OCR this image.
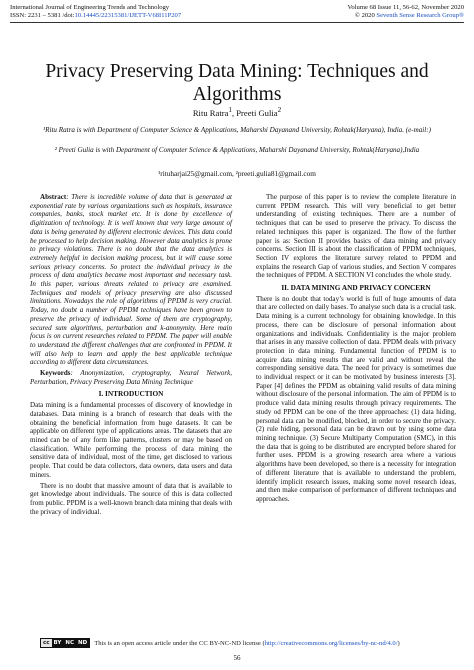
International Journal of Engineering Trends and Technology
ISSN: 2231 – 5381 /doi:10.14445/22315381/IJETT-V68I11P207
Volume 68 Issue 11, 56-62, November 2020
© 2020 Seventh Sense Research Group®
Privacy Preserving Data Mining: Techniques and Algorithms
Ritu Ratra$^1$, Preeti Gulia$^2$
¹Ritu Ratra is with Department of Computer Science & Applications, Maharshi Dayanand University, Rohtak(Haryana), India. (e-mail:)
² Preeti Gulia is with Department of Computer Science & Applications, Maharshi Dayanand University, Rohtak(Haryana),India
¹rituharjai25@gmail.com, ²preeti.gulia81@gmail.com

Abstract: There is incredible volume of data that is generated at exponential rate by various organizations such as hospitals, insurance companies, banks, stock market etc. It is done by excellence of digitization of technology. It is well known that very large amount of data is being generated by different electronic devices. This data could be processed to help decision making. However data analytics is prone to privacy violations. There is no doubt that the data analytics is extremely helpful in decision making process, but it will cause some serious privacy concerns. So protect the individual privacy in the process of data analytics became most important and necessary task. In this paper, various threats related to privacy are examined. Techniques and models of privacy preserving are also discussed limitations. Nowadays the role of algorithms of PPDM is very crucial. Today, no doubt a number of PPDM techniques have been grown to preserve the privacy of individual. Some of them are cryptography, secured sum algorithms, perturbation and k-anonymity. Here main focus is on current researches related to PPDM. The paper will enable to understand the different challenges that are confronted in PPDM. It will also help to learn and apply the best applicable technique according to different data circumstances.

Keywords: Anonymization, cryptography, Neural Network, Perturbation, Privacy Preserving Data Mining Technique

I. INTRODUCTION

Data mining is a fundamental processes of discovery of knowledge in databases. Data mining is a branch of research that deals with the obtaining the beneficial information from huge datasets. It can be applicable on different type of applications areas. The datasets that are mined can be of any form like patterns, clusters or may be based on classification. While performing the process of data mining the sensitive data of individual, most of the time, get disclosed to various people. That could be data collectors, data owners, data users and data miners.

There is no doubt that massive amount of data that is available to get knowledge about individuals. The source of this is data collected from public. PPDM is a well-known branch data mining that deals with the privacy of individual.

The purpose of this paper is to review the complete literature in current PPDM research. This will very beneficial to get better understanding of existing techniques. There are a number of techniques that can be used to preserve the privacy. To discuss the related techniques this paper is organized. The flow of the further paper is as: Section II provides basics of data mining and privacy concerns. Section III is about the classification of PPDM techniques, Section IV explores the literature survey related to PPDM and explains the research Gap of various studies, and Section V compares the techniques of PPDM. A SECTION VI concludes the whole study.

II. DATA MINING AND PRIVACY CONCERN

There is no doubt that today’s world is full of huge amounts of data that are collected on daily bases. To analyse such data is a crucial task. Data mining is a current technology for obtaining knowledge. In this process, there can be disclosure of personal information about organizations and individuals. Confidentiality is the major problem that arises in any massive collection of data. PPDM deals with privacy protection in data mining. Fundamental function of PPDM is to acquire data mining results that are valid and without reveal the corresponding sensitive data. The need for privacy is sometimes due to individual respect or it can be motivated by business interests [3]. Paper [4] defines the PPDM as obtaining valid results of data mining without disclosure of the personal information. The aim of PPDM is to produce valid data mining results through privacy requirements. The study od PPDM can be one of the three approaches: (1) data hiding, personal data can be modified, blocked, in order to secure the privacy. (2) rule hiding, personal data can be drawn out by using some data mining technique. (3) Secure Multiparty Computation (SMC), in this the data that is going to be distributed are encrypted before shared for further uses. PPDM is a growing research area where a various algorithms have been developed, so there is a necessity for integration of different literature that is available to understand the problem, identify implicit research issues, making some novel research ideas, and then make comparison of performance of different techniques and approaches.

cc BY NC ND	This is an open access article under the CC BY-NC-ND license (http://creativecommons.org/licenses/by-nc-nd/4.0/)
56
